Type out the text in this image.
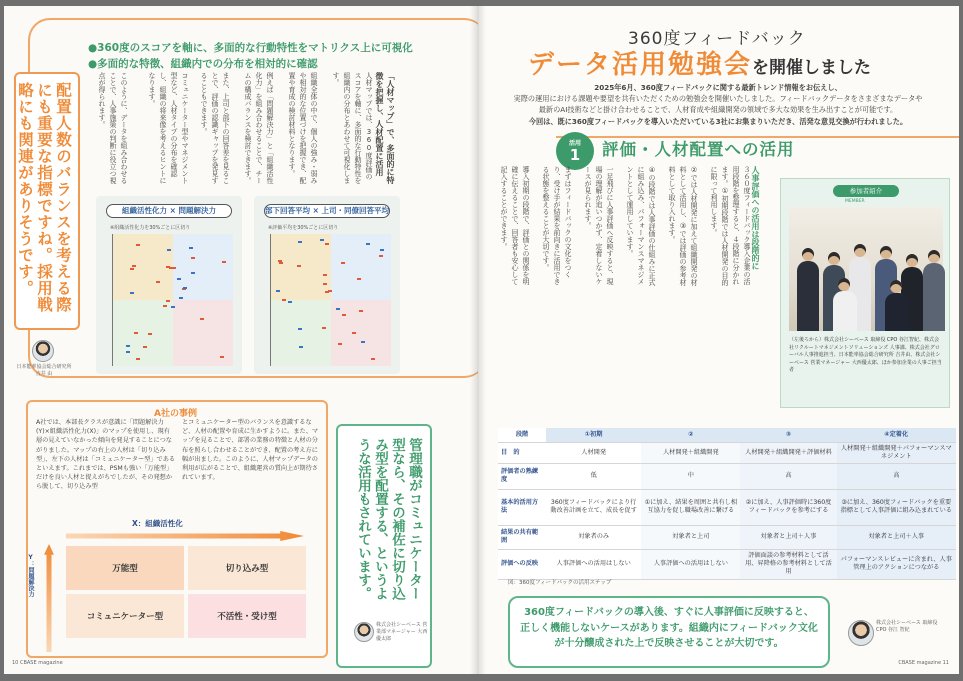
●360度のスコアを軸に、多面的な行動特性をマトリクス上に可視化
●多面的な特徴、組織内での分布を相対的に確認
配置人数のバランスを考える際にも重要な指標ですね。採用戦略にも関連がありそうです。
日本能率協会総合研究所 吉井 由
「人材マップ」で、多面的に特徴を把握し、人材配置に活用
人材マップでは、360度評価のスコアを軸に、多面的な行動特性を組織内の分布とあわせて可視化します。
組織全体の中で、個人の強み・弱みや相対的な位置づけを把握でき、配置や育成の検討材料となります。
例えば「問題解決力」と「組織活性化力」を組み合わせることで、チームの構成バランスを検討できます。
また、上司と部下の回答差を見ることで、評価の認識ギャップを発見することもできます。
コミュニケーター型やマネジメント型など、人材タイプの分布を確認し、組織の将来像を考えるヒントになります。
このように、データを組み合わせることで、人事施策の判断に役立つ視点が得られます。
組織活性化力 × 問題解決力
※組織活性化力を30%ごとに区切り
部下回答平均 × 上司・同僚回答平均
※評価平均を30%ごとに区切り
A社の事例
A社では、本部長クラスが意識に「問題解決力(Y)×組織活性化力(X)」のマップを使用し、現有層の見えていなかった傾向を発見することにつながりました。マップの右上の人材は「切り込み型」、左下の人材は「コミュニケーター型」であるといえます。これまでは、PSMも強い「万能型」だけを良い人材と捉えがちでしたが、その発想から脱して、切り込み型
とコミュニケーター型のバランスを意識するなど、人材の配置や育成に生かすように。また、マップを見ることで、部署の業務の特徴と人材の分布を照らし合わせることができ、配置の考え方に幅が出ました。このように、人材マップデータの利用が広がることで、組織運営の質向上が期待されています。
X：組織活性化
Y：問題解決力	万能型	切り込み型
コミュニケーター型	不活性・受け型
管理職がコミュニケーター型なら、その補佐に切り込み型を配置する、というような活用もされています。
株式会社シーベース 営業部マネージャー 大西 優太郎
10 CBASE magazine
360度フィードバック
データ活用勉強会を開催しました
2025年6月、360度フィードバックに関する最新トレンド情報をお伝えし、
実際の運用における課題や要望を共有いただくための勉強会を開催いたしました。フィードバックデータをさまざまなデータや
最新のAI技術などと掛け合わせることで、人材育成や組織開発の領域で多大な効果を生み出すことが可能です。
今回は、既に360度フィードバックを導入いただいている3社にお集まりいただき、活発な意見交換が行われました。
活用
1	評価・人材配置への活用
人事評価への活用は段階的に
３６０度フィードバック導入企業の活用段階を整理すると、４段階に分かれます。①初期段階では人材開発の目的に限って利用します。
②では人材開発に加えて組織開発の材料として活用し、③では評価の参考材料として取り入れます。
④の段階では人事評価の仕組みに正式に組み込み、パフォーマンスマネジメントとして運用しています。
一足飛びに人事評価へ反映すると、現場の理解が追いつかず、定着しないケースが見られます。
まずはフィードバックの文化をつくり、受け手が結果を前向きに活用できる状態を整えることが大切です。
導入初期の段階で、評価との関係を明確に伝えることで、回答者も安心して記入することができます。	参加者紹介
MEMBER
（左後ろから）株式会社シーベース 取締役 CPO 谷江智紀、株式会社リクルートマネジメントソリューションズ 人事課、株式会社グローバル人事推進担当、日本能率協会総合研究所 吉井由、株式会社シーベース 営業マネージャー 大西優太郎、ほか参加企業の人事ご担当者
段階	①初期	②	③	④定着化
目　的	人材開発	人材開発＋組織開発	人材開発＋組織開発＋評価材料	人材開発＋組織開発＋パフォーマンスマネジメント
評価者の熟練度	低	中	高	高
基本的活用方法	360度フィードバックにより行動改善計画を立て、成長を促す	①に加え、結果を周囲と共有し相互協力を促し職場改善に繋げる	②に加え、人事評価時に360度フィードバックを参考にする	③に加え、360度フィードバックを重要指標として人事評価に組み込まれている
結果の共有範囲	対象者のみ	対象者と上司	対象者と上司＋人事	対象者と上司＋人事
評価への反映	人事評価への活用はしない	人事評価への活用はしない	評価面談の参考材料として活用、昇降格の参考材料として活用	パフォーマンスレビューに含まれ、人事管理上のアクションにつながる
図：360度フィードバックの活用ステップ

360度フィードバックの導入後、すぐに人事評価に反映すると、正しく機能しないケースがあります。組織内にフィードバック文化が十分醸成された上で反映させることが大切です。

株式会社シーベース 取締役 CPO 谷江 智紀
CBASE magazine 11
